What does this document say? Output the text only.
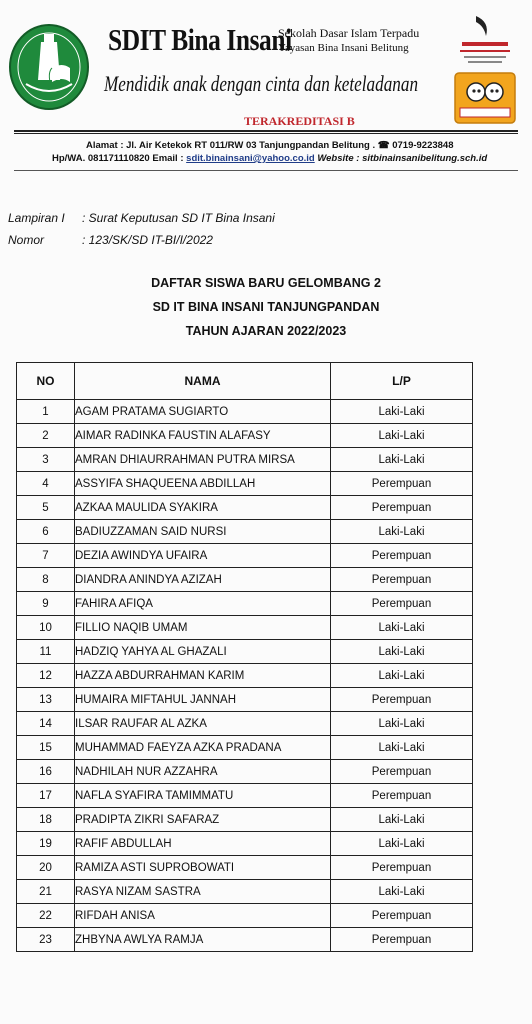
SDIT Bina Insani
Sekolah Dasar Islam Terpadu
Yayasan Bina Insani Belitung
Mendidik anak dengan cinta dan keteladanan
TERAKREDITASI B
Alamat : Jl. Air Ketekok RT 011/RW 03 Tanjungpandan Belitung . ☎ 0719-9223848
Hp/WA. 081171110820 Email : sdit.binainsani@yahoo.co.id Website : sitbinainsanibelitung.sch.id
Lampiran I : Surat Keputusan SD IT Bina Insani
Nomor	: 123/SK/SD IT-BI/I/2022
DAFTAR SISWA BARU GELOMBANG 2
SD IT BINA INSANI TANJUNGPANDAN
TAHUN AJARAN 2022/2023
NO	NAMA	L/P
1	AGAM PRATAMA SUGIARTO	Laki-Laki
2	AIMAR RADINKA FAUSTIN ALAFASY	Laki-Laki
3	AMRAN DHIAURRAHMAN PUTRA MIRSA	Laki-Laki
4	ASSYIFA SHAQUEENA ABDILLAH	Perempuan
5	AZKAA MAULIDA SYAKIRA	Perempuan
6	BADIUZZAMAN SAID NURSI	Laki-Laki
7	DEZIA AWINDYA UFAIRA	Perempuan
8	DIANDRA ANINDYA AZIZAH	Perempuan
9	FAHIRA AFIQA	Perempuan
10	FILLIO NAQIB UMAM	Laki-Laki
11	HADZIQ YAHYA AL GHAZALI	Laki-Laki
12	HAZZA ABDURRAHMAN KARIM	Laki-Laki
13	HUMAIRA MIFTAHUL JANNAH	Perempuan
14	ILSAR RAUFAR AL AZKA	Laki-Laki
15	MUHAMMAD FAEYZA AZKA PRADANA	Laki-Laki
16	NADHILAH NUR AZZAHRA	Perempuan
17	NAFLA SYAFIRA TAMIMMATU	Perempuan
18	PRADIPTA ZIKRI SAFARAZ	Laki-Laki
19	RAFIF ABDULLAH	Laki-Laki
20	RAMIZA ASTI SUPROBOWATI	Perempuan
21	RASYA NIZAM SASTRA	Laki-Laki
22	RIFDAH ANISA	Perempuan
23	ZHBYNA AWLYA RAMJA	Perempuan
